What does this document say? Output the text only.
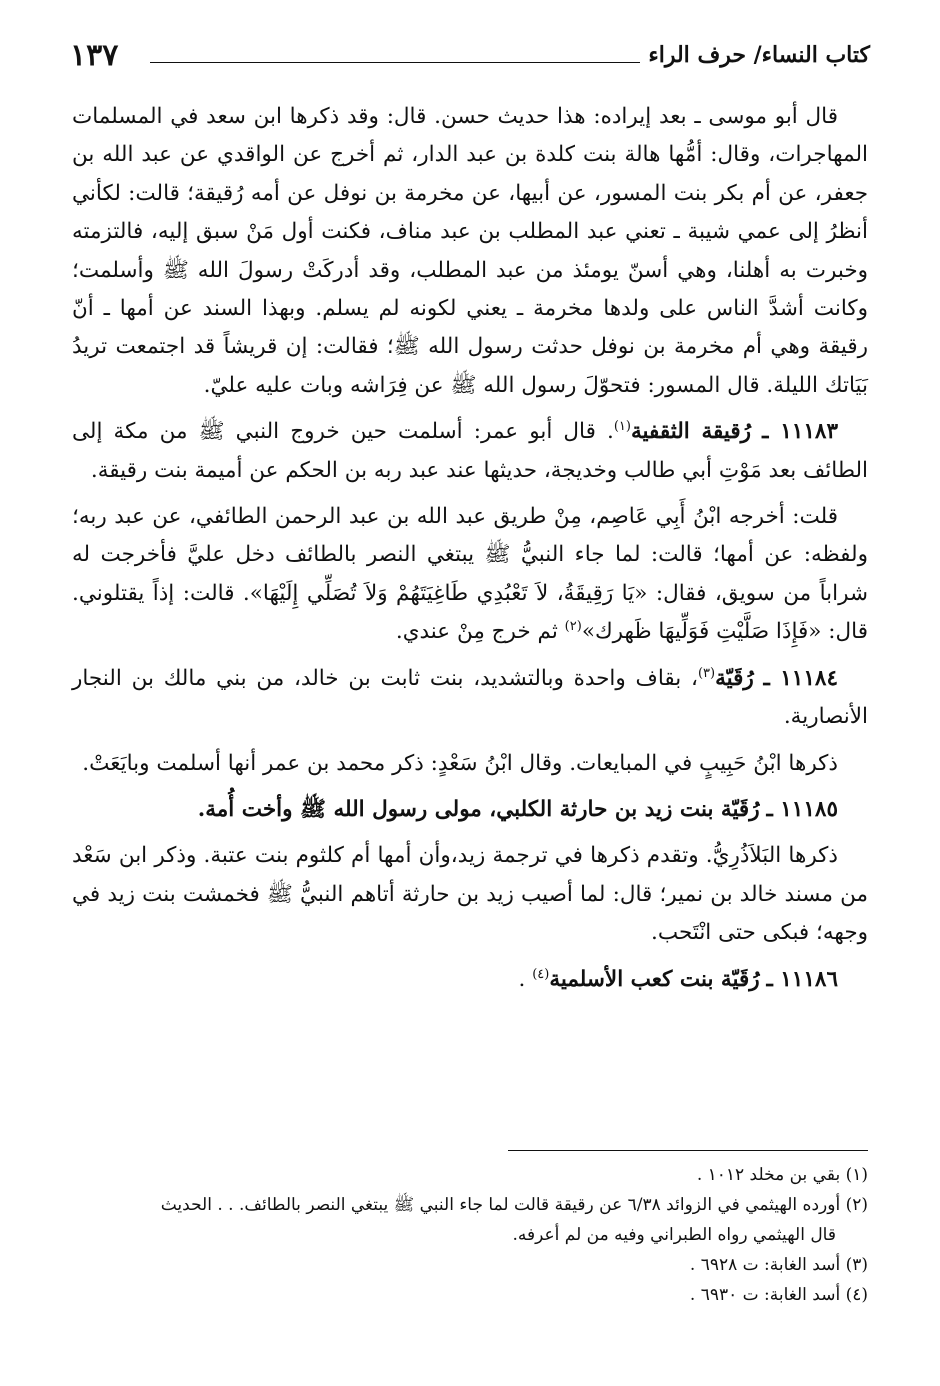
كتاب النساء/ حرف الراء
١٣٧

قال أبو موسى ـ بعد إيراده: هذا حديث حسن. قال: وقد ذكرها ابن سعد في المسلمات المهاجرات، وقال: أمُّها هالة بنت كلدة بن عبد الدار، ثم أخرج عن الواقدي عن عبد الله بن جعفر، عن أم بكر بنت المسور، عن أبيها، عن مخرمة بن نوفل عن أمه رُقيقة؛ قالت: لكأني أنظرُ إلى عمي شيبة ـ تعني عبد المطلب بن عبد مناف، فكنت أول مَنْ سبق إليه، فالتزمته وخبرت به أهلنا، وهي أسنّ يومئذ من عبد المطلب، وقد أدركَتْ رسولَ الله ﷺ وأسلمت؛ وكانت أشدَّ الناس على ولدها مخرمة ـ يعني لكونه لم يسلم. وبهذا السند عن أمها ـ أنّ رقيقة وهي أم مخرمة بن نوفل حدثت رسول الله ﷺ؛ فقالت: إن قريشاً قد اجتمعت تريدُ بَيَاتك الليلة. قال المسور: فتحوّلَ رسول الله ﷺ عن فِرَاشه وبات عليه عليّ.

١١١٨٣ ـ رُقيقة الثقفية$^{(١)}$. قال أبو عمر: أسلمت حين خروج النبي ﷺ من مكة إلى الطائف بعد مَوْتِ أبي طالب وخديجة، حديثها عند عبد ربه بن الحكم عن أميمة بنت رقيقة.

قلت: أخرجه ابْنُ أَبِي عَاصِم، مِنْ طريق عبد الله بن عبد الرحمن الطائفي، عن عبد ربه؛ ولفظه: عن أمها؛ قالت: لما جاء النبيُّ ﷺ يبتغي النصر بالطائف دخل عليَّ فأخرجت له شراباً من سويق، فقال: «يَا رَقِيقَةُ، لاَ تَعْبُدِي طَاغِيَتَهُمْ وَلاَ تُصَلِّي إِلَيْهَا». قالت: إذاً يقتلوني. قال: «فَإِذَا صَلَّيْتِ فَوَلِّيهَا ظَهرك»$^{(٢)}$ ثم خرج مِنْ عندي.

١١١٨٤ ـ رُقَيّة$^{(٣)}$، بقاف واحدة وبالتشديد، بنت ثابت بن خالد، من بني مالك بن النجار الأنصارية.

ذكرها ابْنُ حَبِيبٍ في المبايعات. وقال ابْنُ سَعْدٍ: ذكر محمد بن عمر أنها أسلمت وبايَعَتْ.

١١١٨٥ ـ رُقَيّة بنت زيد بن حارثة الكلبي، مولى رسول الله ﷺ وأخت أُمة.

ذكرها البَلاَذُرِيُّ. وتقدم ذكرها في ترجمة زيد،وأن أمها أم كلثوم بنت عتبة. وذكر ابن سَعْد من مسند خالد بن نمير؛ قال: لما أصيب زيد بن حارثة أتاهم النبيُّ ﷺ فخمشت بنت زيد في وجهه؛ فبكى حتى انْتَحب.

١١١٨٦ ـ رُقَيّة بنت كعب الأسلمية$^{(٤)}$ .

(١) بقي بن مخلد ١٠١٢ .
(٢) أورده الهيثمي في الزوائد ٦/٣٨ عن رقيقة قالت لما جاء النبي ﷺ يبتغي النصر بالطائف. . . الحديث
قال الهيثمي رواه الطبراني وفيه من لم أعرفه.
(٣) أسد الغابة: ت ٦٩٢٨ .
(٤) أسد الغابة: ت ٦٩٣٠ .
